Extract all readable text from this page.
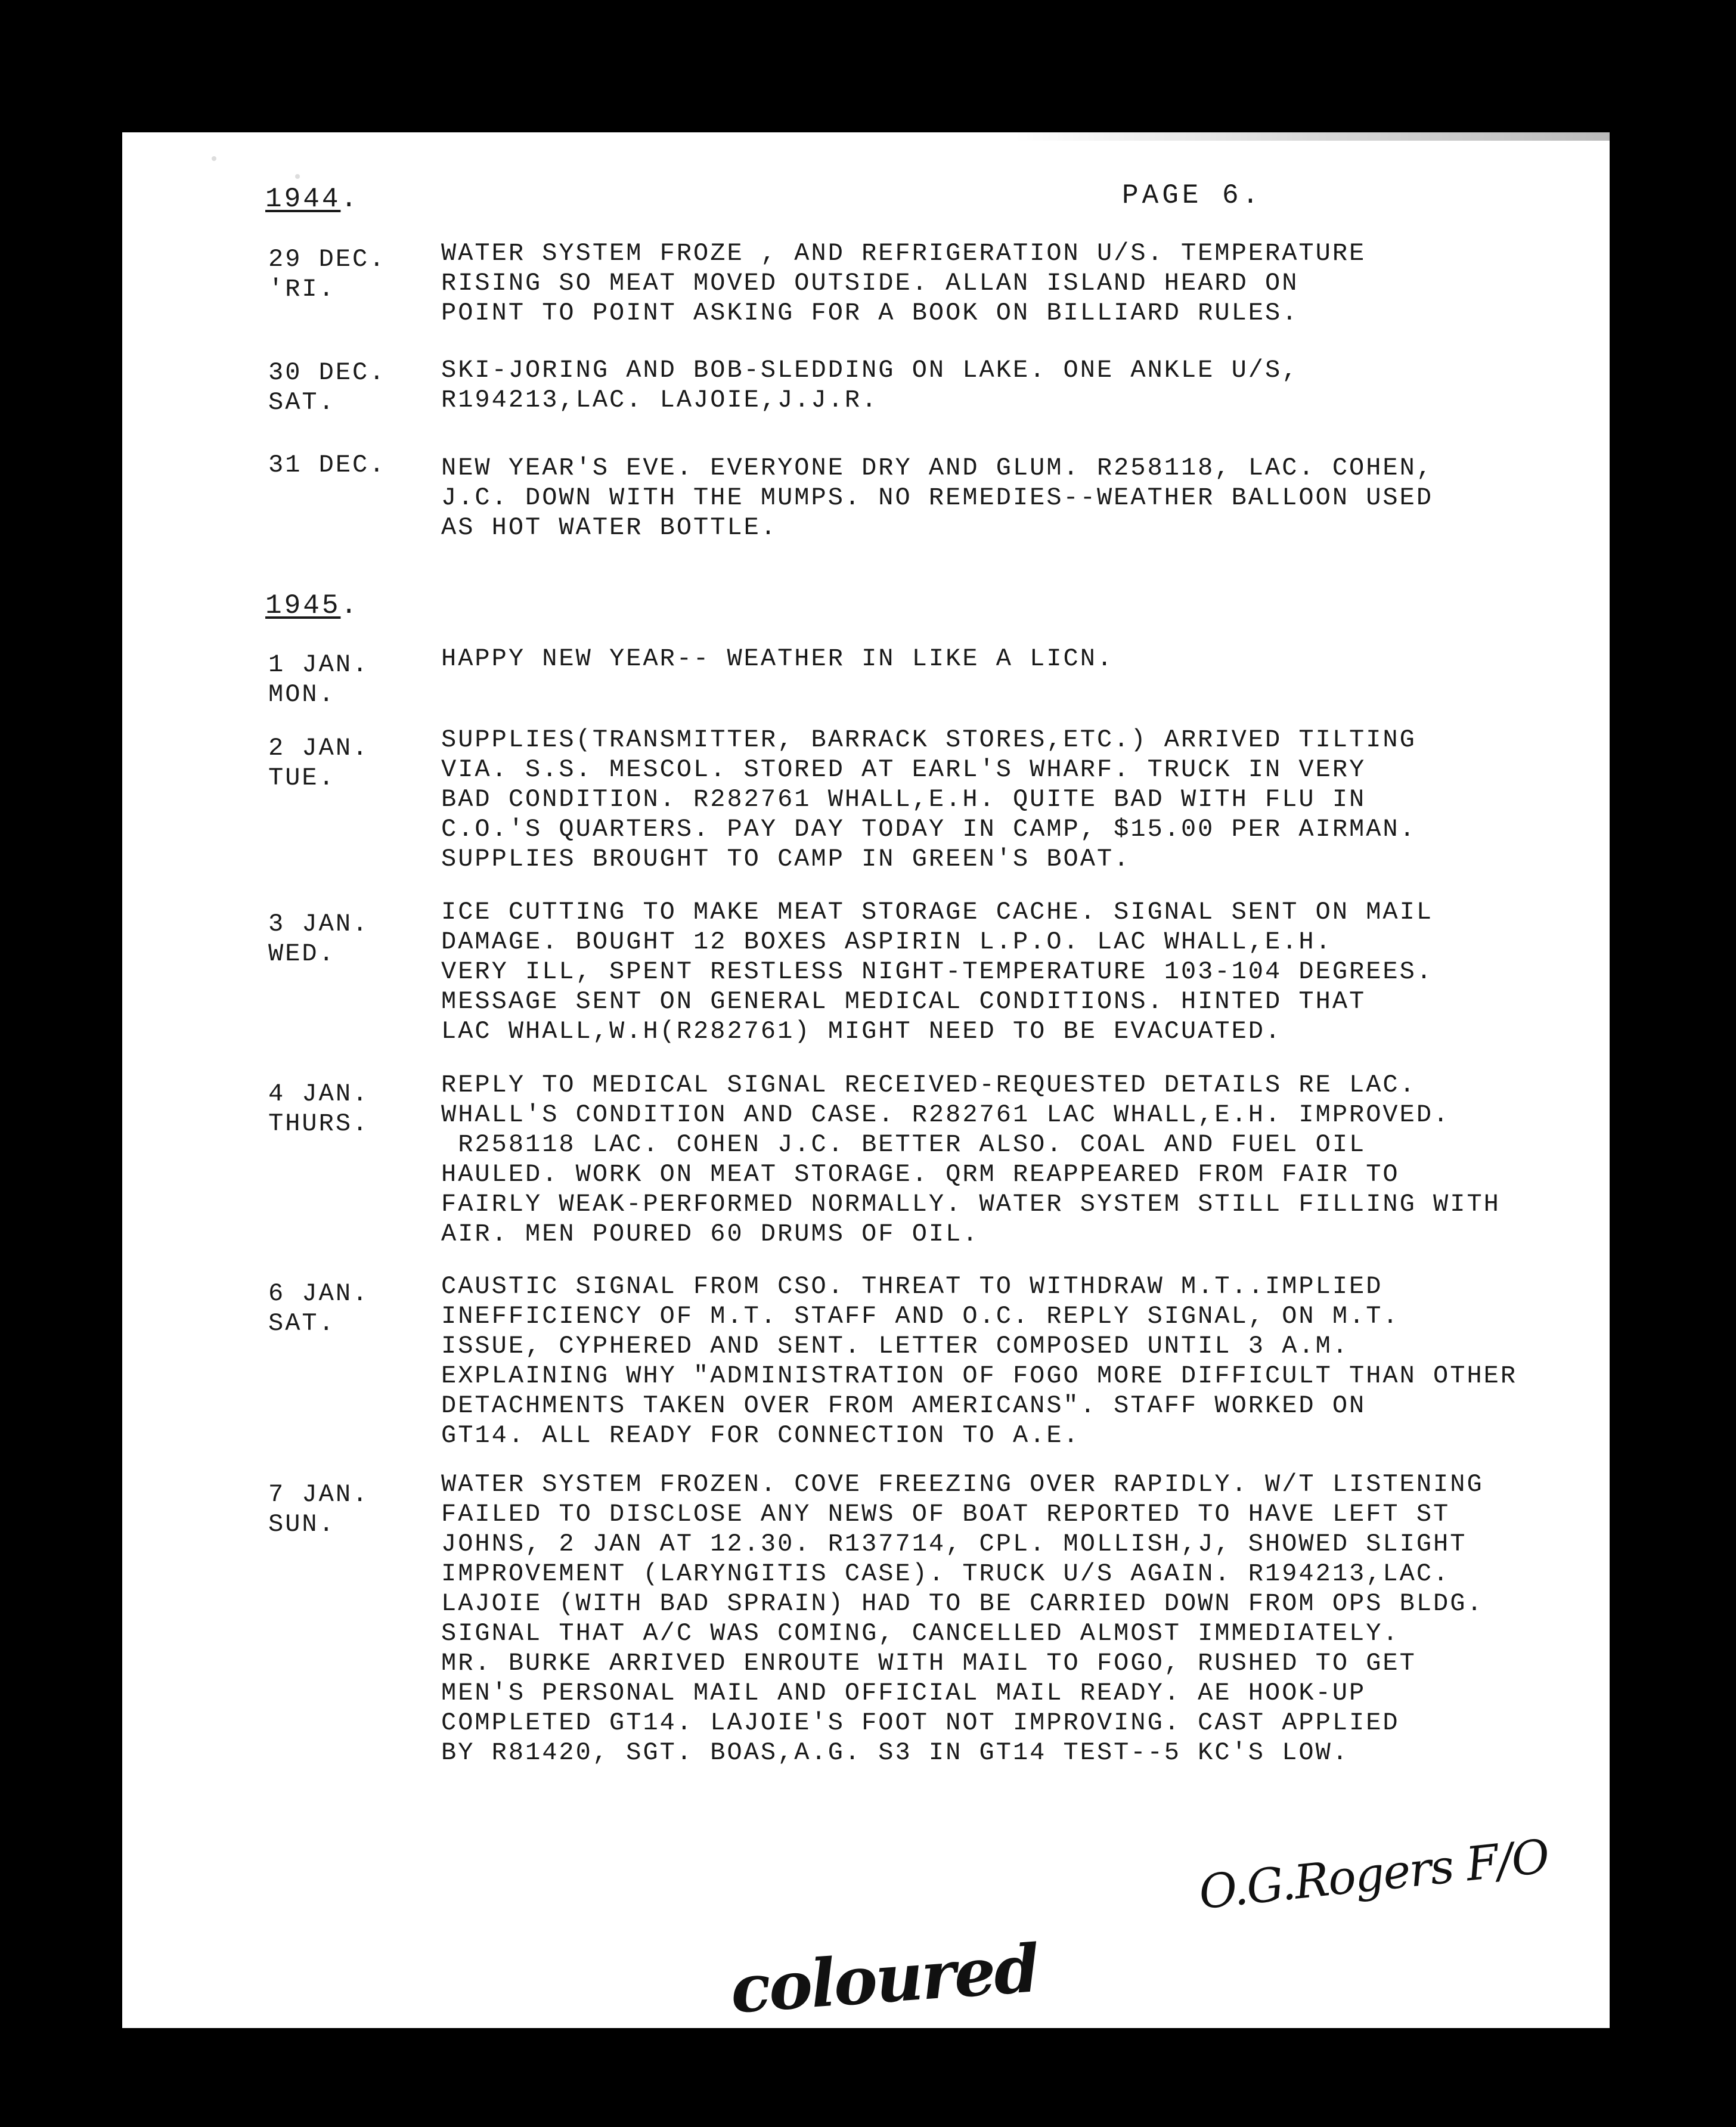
1944.	PAGE 6.
29 DEC.
'RI.
WATER SYSTEM FROZE , AND REFRIGERATION U/S. TEMPERATURE
RISING SO MEAT MOVED OUTSIDE. ALLAN ISLAND HEARD ON
POINT TO POINT ASKING FOR A BOOK ON BILLIARD RULES.
30 DEC.
SAT.
SKI-JORING AND BOB-SLEDDING ON LAKE. ONE ANKLE U/S,
R194213,LAC. LAJOIE,J.J.R.
31 DEC. NEW YEAR'S EVE. EVERYONE DRY AND GLUM. R258118, LAC. COHEN,
J.C. DOWN WITH THE MUMPS. NO REMEDIES--WEATHER BALLOON USED
AS HOT WATER BOTTLE.
1945.
1 JAN.
MON.
HAPPY NEW YEAR-- WEATHER IN LIKE A LICN.
2 JAN.
TUE.
SUPPLIES(TRANSMITTER, BARRACK STORES,ETC.) ARRIVED TILTING
VIA. S.S. MESCOL. STORED AT EARL'S WHARF. TRUCK IN VERY
BAD CONDITION. R282761 WHALL,E.H. QUITE BAD WITH FLU IN
C.O.'S QUARTERS. PAY DAY TODAY IN CAMP, $15.00 PER AIRMAN.
SUPPLIES BROUGHT TO CAMP IN GREEN'S BOAT.
3 JAN.
WED.
ICE CUTTING TO MAKE MEAT STORAGE CACHE. SIGNAL SENT ON MAIL
DAMAGE. BOUGHT 12 BOXES ASPIRIN L.P.O. LAC WHALL,E.H.
VERY ILL, SPENT RESTLESS NIGHT-TEMPERATURE 103-104 DEGREES.
MESSAGE SENT ON GENERAL MEDICAL CONDITIONS. HINTED THAT
LAC WHALL,W.H(R282761) MIGHT NEED TO BE EVACUATED.
4 JAN.
THURS.
REPLY TO MEDICAL SIGNAL RECEIVED-REQUESTED DETAILS RE LAC.
WHALL'S CONDITION AND CASE. R282761 LAC WHALL,E.H. IMPROVED.
R258118 LAC. COHEN J.C. BETTER ALSO. COAL AND FUEL OIL
HAULED. WORK ON MEAT STORAGE. QRM REAPPEARED FROM FAIR TO
FAIRLY WEAK-PERFORMED NORMALLY. WATER SYSTEM STILL FILLING WITH
AIR. MEN POURED 60 DRUMS OF OIL.
6 JAN.
SAT.
CAUSTIC SIGNAL FROM CSO. THREAT TO WITHDRAW M.T..IMPLIED
INEFFICIENCY OF M.T. STAFF AND O.C. REPLY SIGNAL, ON M.T.
ISSUE, CYPHERED AND SENT. LETTER COMPOSED UNTIL 3 A.M.
EXPLAINING WHY "ADMINISTRATION OF FOGO MORE DIFFICULT THAN OTHER
DETACHMENTS TAKEN OVER FROM AMERICANS". STAFF WORKED ON
GT14. ALL READY FOR CONNECTION TO A.E.
7 JAN.
SUN.
WATER SYSTEM FROZEN. COVE FREEZING OVER RAPIDLY. W/T LISTENING
FAILED TO DISCLOSE ANY NEWS OF BOAT REPORTED TO HAVE LEFT ST
JOHNS, 2 JAN AT 12.30. R137714, CPL. MOLLISH,J, SHOWED SLIGHT
IMPROVEMENT (LARYNGITIS CASE). TRUCK U/S AGAIN. R194213,LAC.
LAJOIE (WITH BAD SPRAIN) HAD TO BE CARRIED DOWN FROM OPS BLDG.
SIGNAL THAT A/C WAS COMING, CANCELLED ALMOST IMMEDIATELY.
MR. BURKE ARRIVED ENROUTE WITH MAIL TO FOGO, RUSHED TO GET
MEN'S PERSONAL MAIL AND OFFICIAL MAIL READY. AE HOOK-UP
COMPLETED GT14. LAJOIE'S FOOT NOT IMPROVING. CAST APPLIED
BY R81420, SGT. BOAS,A.G. S3 IN GT14 TEST--5 KC'S LOW.
O.G.Rogers F/O
coloured
